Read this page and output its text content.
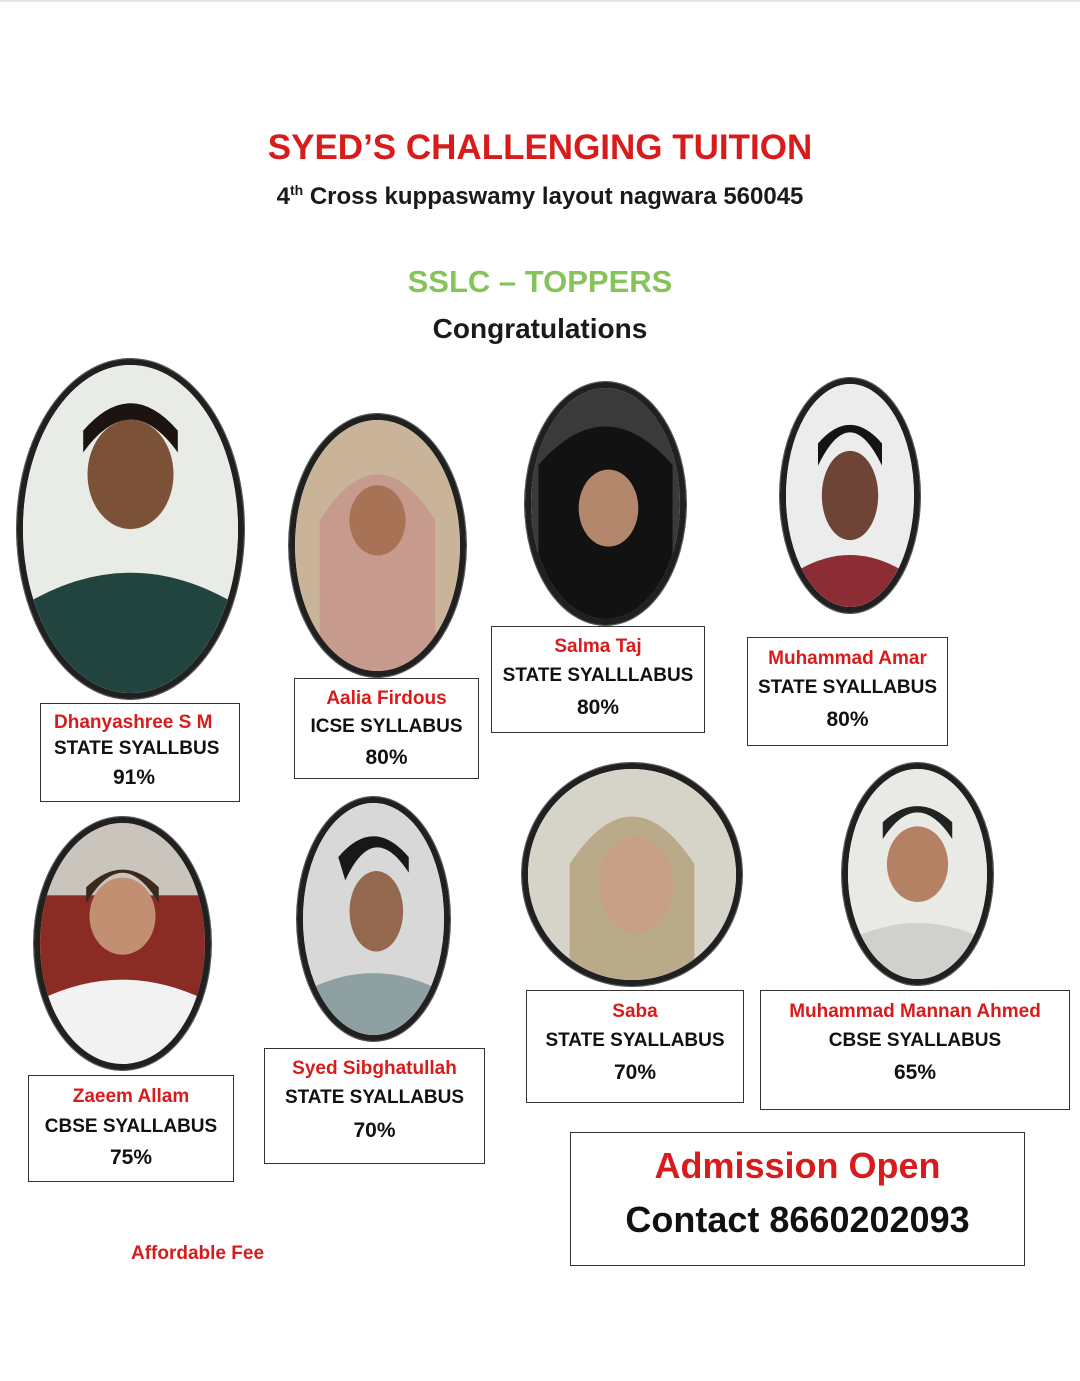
SYED’S CHALLENGING TUITION
4th Cross kuppaswamy layout nagwara 560045
SSLC – TOPPERS
Congratulations
Dhanyashree S M
STATE SYALLBUS
91%
Aalia Firdous
ICSE SYLLABUS
80%
Salma Taj
STATE SYALLLABUS
80%
Muhammad Amar
STATE SYALLABUS
80%
Zaeem Allam
CBSE SYALLABUS
75%
Syed Sibghatullah
STATE SYALLABUS
70%
Saba
STATE SYALLABUS
70%
Muhammad Mannan Ahmed
CBSE SYALLABUS
65%
Admission Open
Contact 8660202093
Affordable Fee
